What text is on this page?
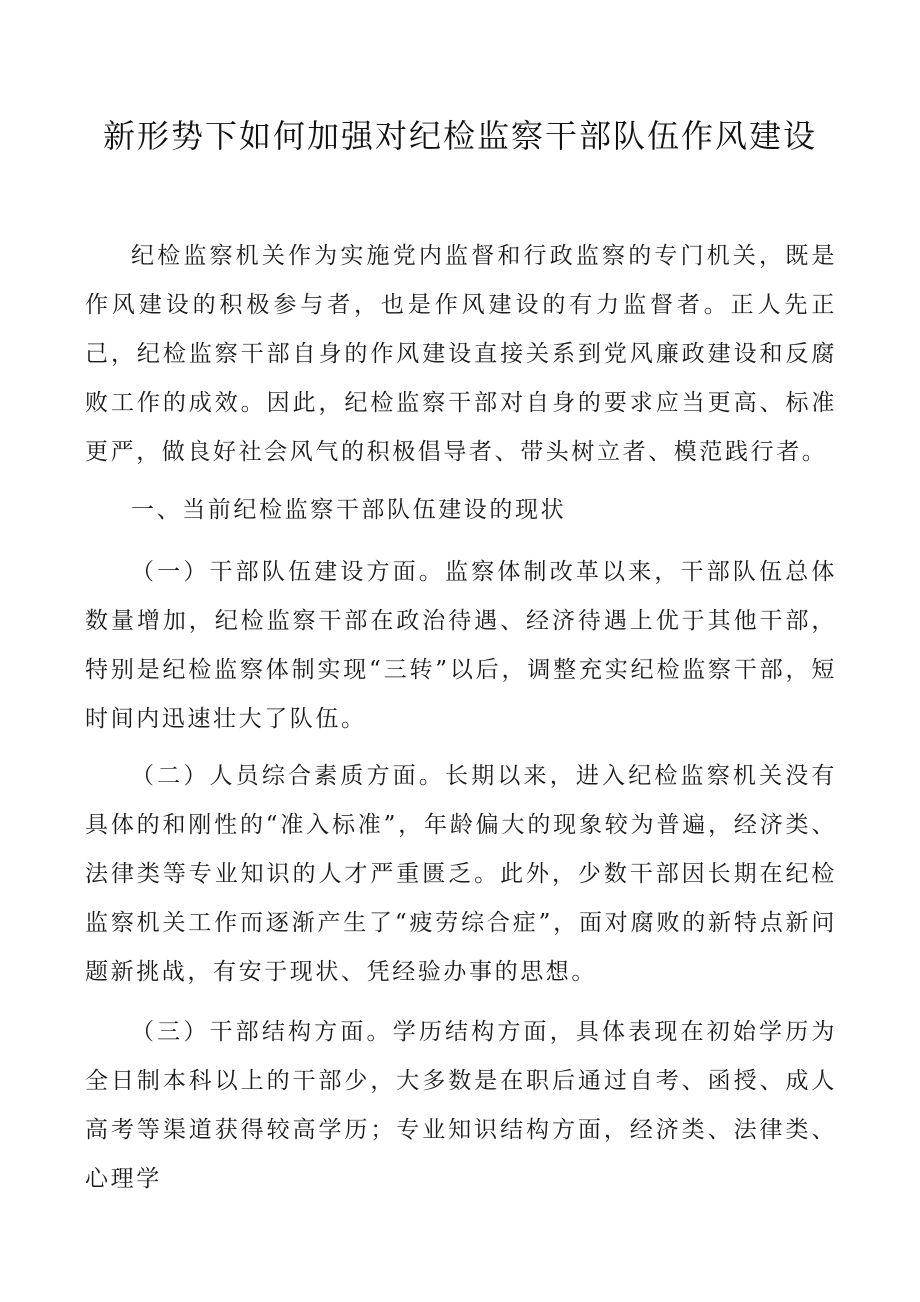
新形势下如何加强对纪检监察干部队伍作风建设

纪检监察机关作为实施党内监督和行政监察的专门机关，既是作风建设的积极参与者，也是作风建设的有力监督者。正人先正己，纪检监察干部自身的作风建设直接关系到党风廉政建设和反腐败工作的成效。因此，纪检监察干部对自身的要求应当更高、标准更严，做良好社会风气的积极倡导者、带头树立者、模范践行者。

一、当前纪检监察干部队伍建设的现状

（一）干部队伍建设方面。监察体制改革以来，干部队伍总体数量增加，纪检监察干部在政治待遇、经济待遇上优于其他干部，特别是纪检监察体制实现“三转”以后，调整充实纪检监察干部，短时间内迅速壮大了队伍。

（二）人员综合素质方面。长期以来，进入纪检监察机关没有具体的和刚性的“准入标准”，年龄偏大的现象较为普遍，经济类、法律类等专业知识的人才严重匮乏。此外，少数干部因长期在纪检监察机关工作而逐渐产生了“疲劳综合症”，面对腐败的新特点新问题新挑战，有安于现状、凭经验办事的思想。

（三）干部结构方面。学历结构方面，具体表现在初始学历为全日制本科以上的干部少，大多数是在职后通过自考、函授、成人高考等渠道获得较高学历；专业知识结构方面，经济类、法律类、心理学
